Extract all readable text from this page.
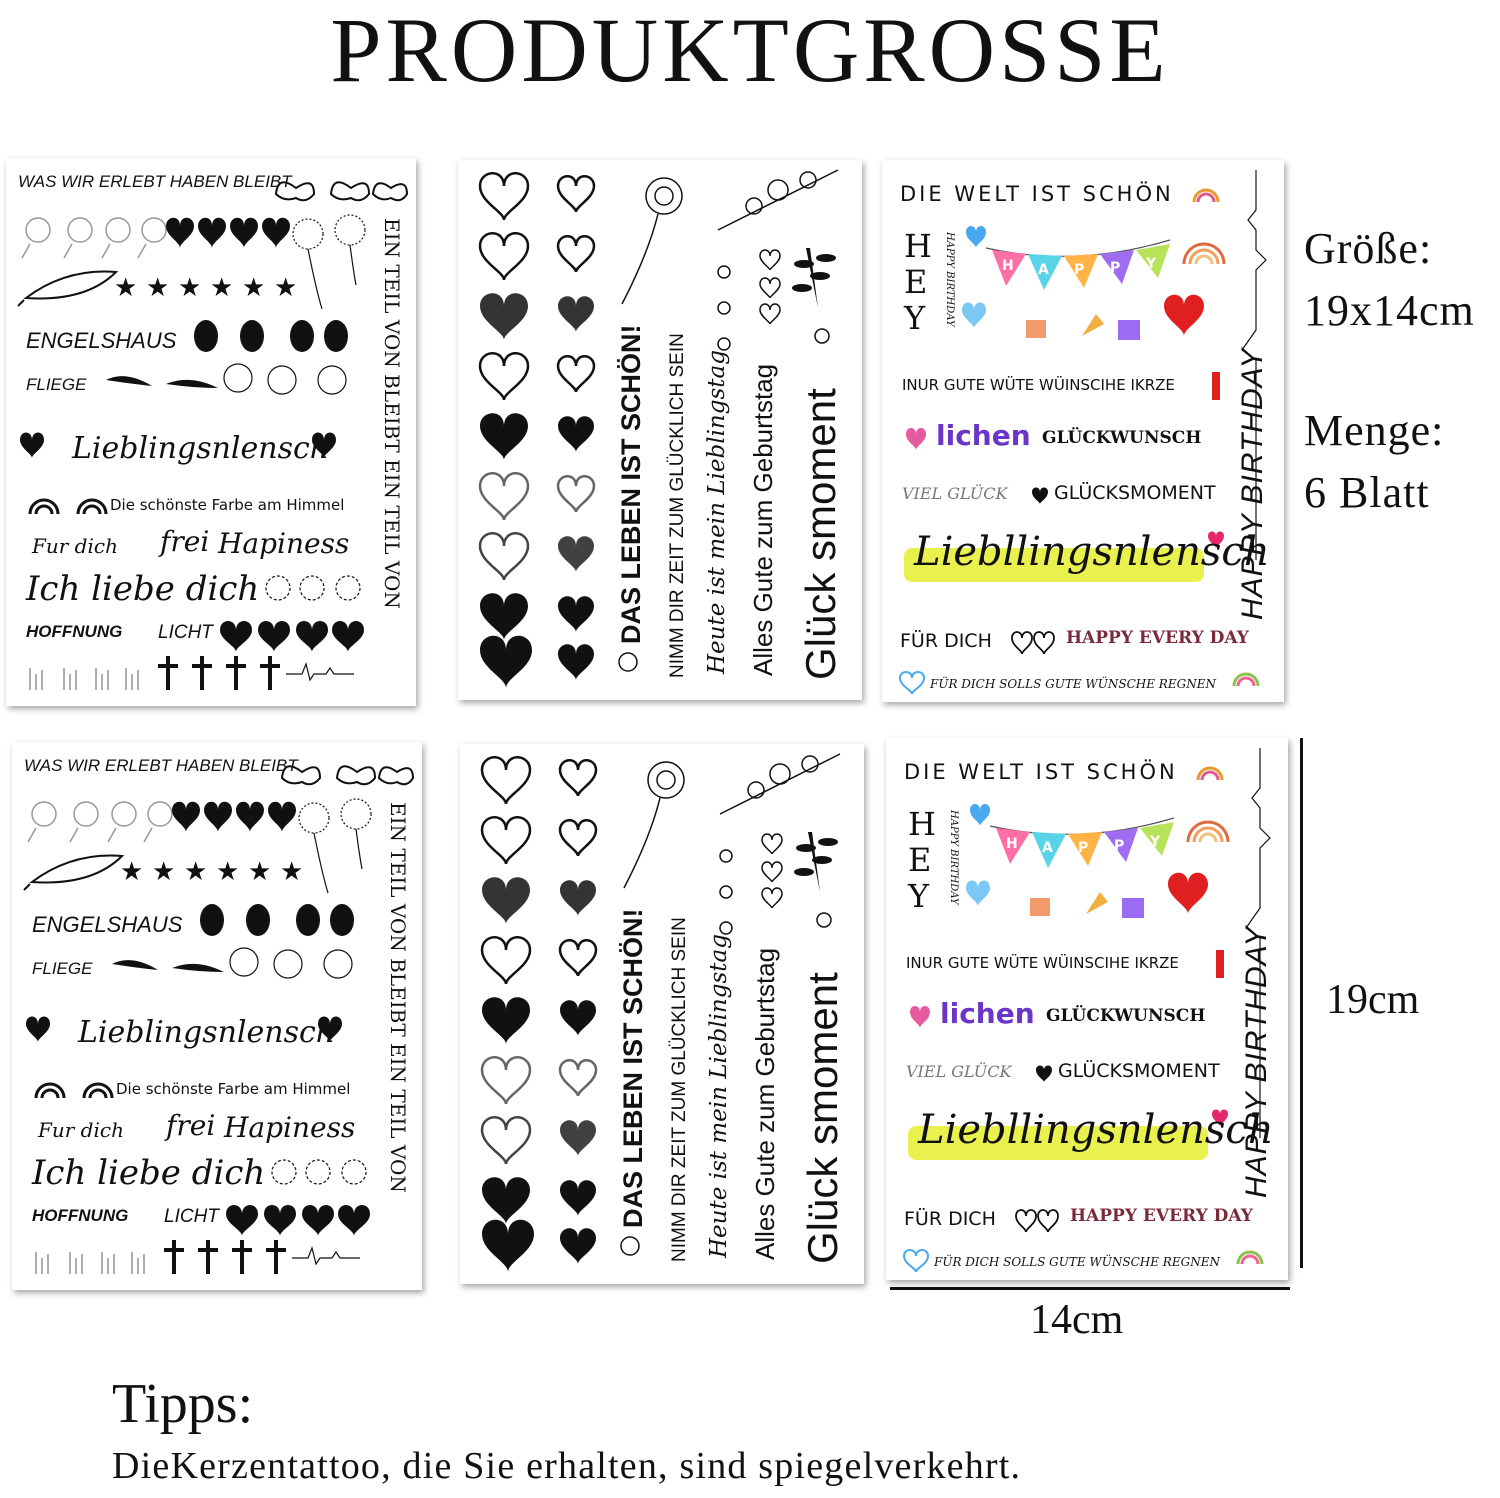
PRODUKTGROSSE
★ ★ ★ ★ ★ ★
WAS WIR ERLEBT HABEN BLEIBT
ENGELSHAUS
FLIEGE
Lieblingsnlensch
Die schönste Farbe am Himmel
Fur dich frei Hapiness
Ich liebe dich
HOFFNUNG LICHT
EIN TEIL VON BLEIBT EIN TEIL VON	DAS LEBEN IST SCHÖN! NIMM DIR ZEIT ZUM GLÜCKLICH SEIN Heute ist mein Lieblingstag Alles Gute zum Geburtstag Glück smoment
H A P P Y
DIE WELT IST SCHÖN
H
E
Y	HAPPY BIRTHDAY
INUR GUTE WÜTE WÜINSCIHE IKRZE
lichen GLÜCKWUNSCH
VIEL GLÜCK GLÜCKSMOMENT
Liebllingsnlensch
FÜR DICH	HAPPY EVERY DAY
FÜR DICH SOLLS GUTE WÜNSCHE REGNEN
HAPPY BIRTHDAY
★ ★ ★ ★ ★ ★
WAS WIR ERLEBT HABEN BLEIBT
ENGELSHAUS
FLIEGE
Lieblingsnlensch
Die schönste Farbe am Himmel
Fur dich frei Hapiness
Ich liebe dich
HOFFNUNG LICHT
EIN TEIL VON BLEIBT EIN TEIL VON	DAS LEBEN IST SCHÖN! NIMM DIR ZEIT ZUM GLÜCKLICH SEIN Heute ist mein Lieblingstag Alles Gute zum Geburtstag Glück smoment
H A P P Y
DIE WELT IST SCHÖN
H
E
Y	HAPPY BIRTHDAY
INUR GUTE WÜTE WÜINSCIHE IKRZE
lichen GLÜCKWUNSCH
VIEL GLÜCK GLÜCKSMOMENT
Liebllingsnlensch
FÜR DICH	HAPPY EVERY DAY
FÜR DICH SOLLS GUTE WÜNSCHE REGNEN
HAPPY BIRTHDAY
Größe:
19x14cm
Menge:
6 Blatt
19cm
14cm
Tipps:
DieKerzentattoo, die Sie erhalten, sind spiegelverkehrt.
